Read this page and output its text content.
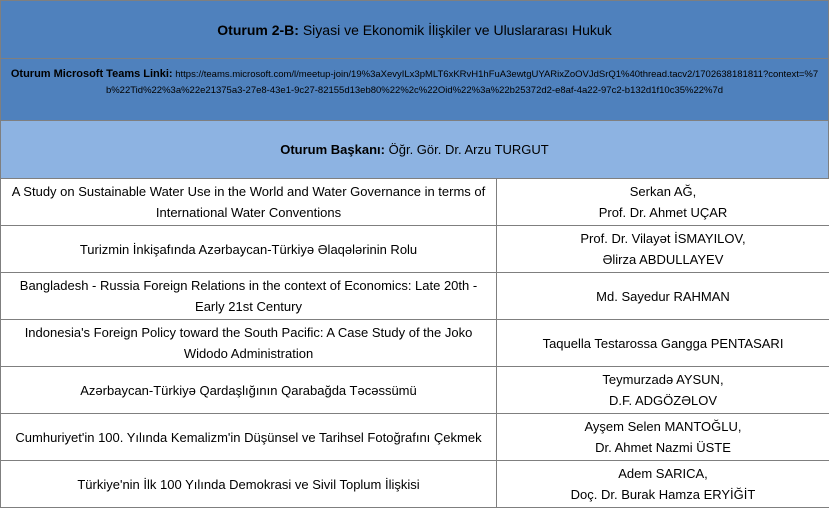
Oturum 2-B: Siyasi ve Ekonomik İlişkiler ve Uluslararası Hukuk
Oturum Microsoft Teams Linki: https://teams.microsoft.com/l/meetup-join/19%3aXevyILx3pMLT6xKRvH1hFuA3ewtgUYARixZoOVJdSrQ1%40thread.tacv2/1702638181811?context=%7b%22Tid%22%3a%22e21375a3-27e8-43e1-9c27-82155d13eb80%22%2c%22Oid%22%3a%22b25372d2-e8af-4a22-97c2-b132d1f10c35%22%7d
Oturum Başkanı: Öğr. Gör. Dr. Arzu TURGUT
A Study on Sustainable Water Use in the World and Water Governance in terms of International Water Conventions	Serkan AĞ,
Prof. Dr. Ahmet UÇAR

Turizmin İnkişafında Azərbaycan-Türkiyə Əlaqələrinin Rolu	Prof. Dr. Vilayət İSMAYILOV,
Əlirza ABDULLAYEV

Bangladesh - Russia Foreign Relations in the context of Economics: Late 20th - Early 21st Century	Md. Sayedur RAHMAN

Indonesia's Foreign Policy toward the South Pacific: A Case Study of the Joko Widodo Administration	Taquella Testarossa Gangga PENTASARI

Azərbaycan-Türkiyə Qardaşlığının Qarabağda Təcəssümü	Teymurzadə AYSUN,
D.F. ADGÖZƏLOV

Cumhuriyet'in 100. Yılında Kemalizm'in Düşünsel ve Tarihsel Fotoğrafını Çekmek	Ayşem Selen MANTOĞLU,
Dr. Ahmet Nazmi ÜSTE

Türkiye'nin İlk 100 Yılında Demokrasi ve Sivil Toplum İlişkisi	Adem SARICA,
Doç. Dr. Burak Hamza ERYİĞİT
